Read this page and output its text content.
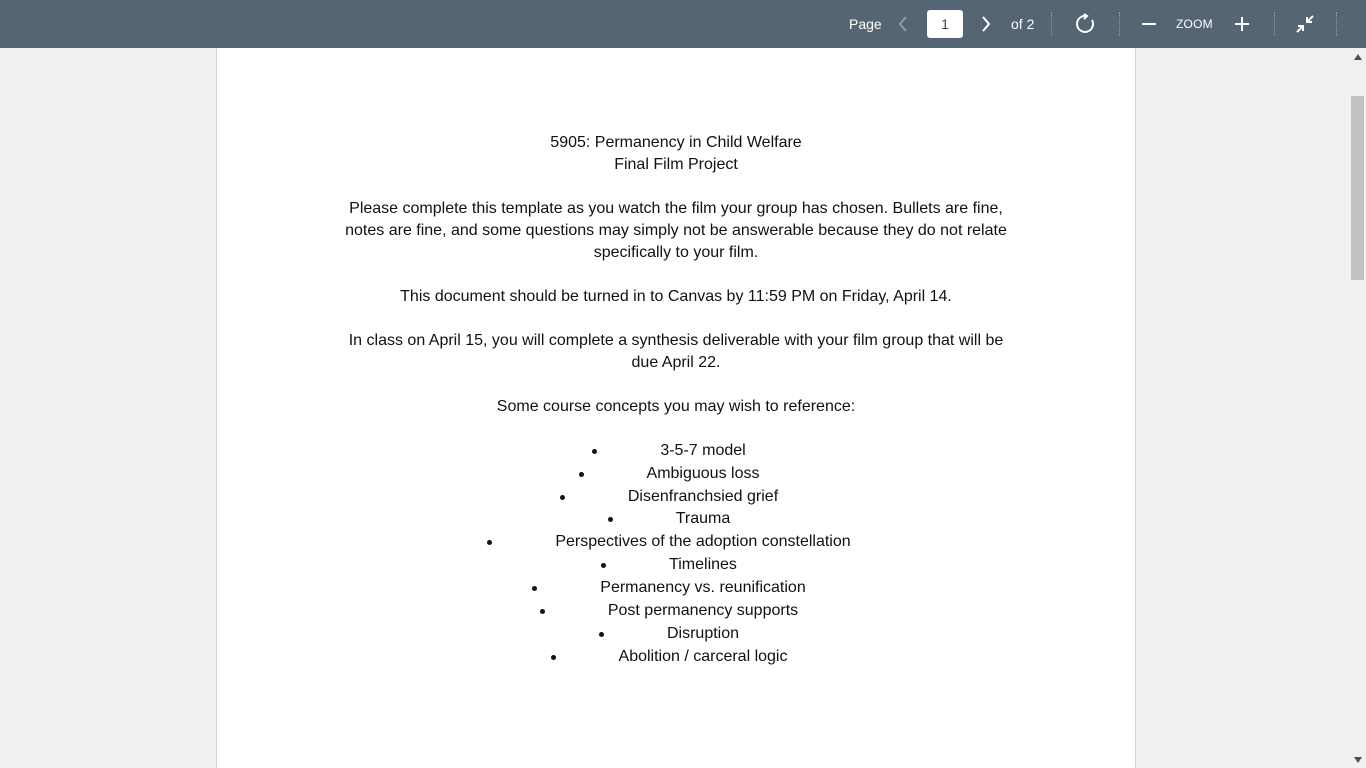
Page
1	of 2	ZOOM
5905: Permanency in Child Welfare
Final Film Project
Please complete this template as you watch the film your group has chosen. Bullets are fine,
notes are fine, and some questions may simply not be answerable because they do not relate
specifically to your film.
This document should be turned in to Canvas by 11:59 PM on Friday, April 14.
In class on April 15, you will complete a synthesis deliverable with your film group that will be
due April 22.
Some course concepts you may wish to reference:
3-5-7 model
Ambiguous loss
Disenfranchsied grief
Trauma
Perspectives of the adoption constellation
Timelines
Permanency vs. reunification
Post permanency supports
Disruption
Abolition / carceral logic
